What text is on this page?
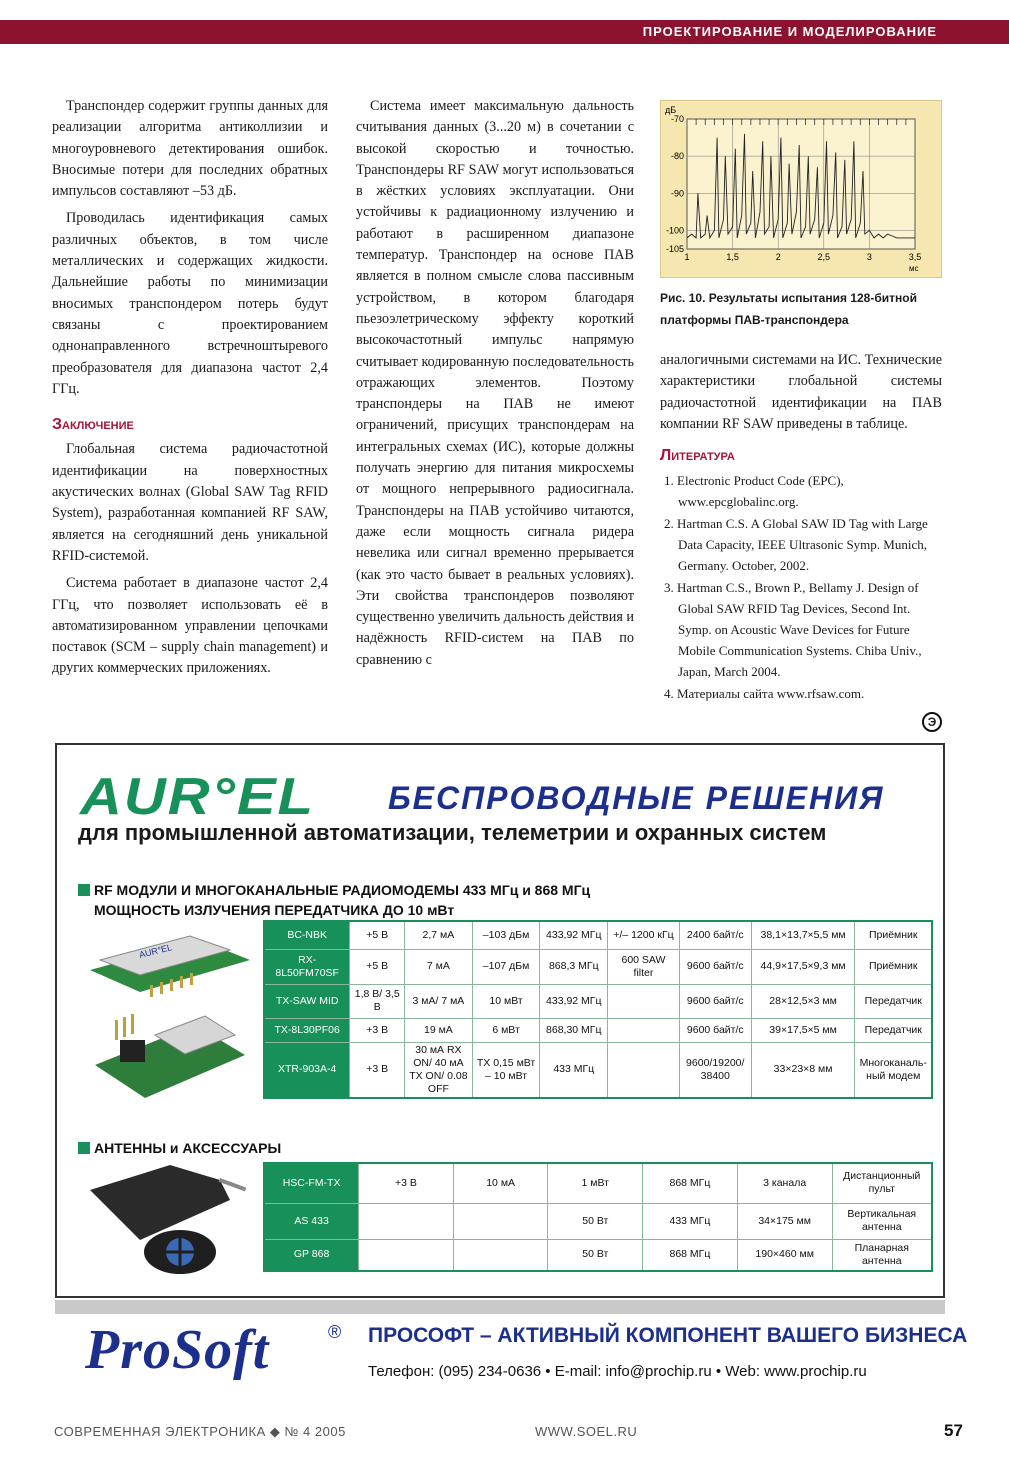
ПРОЕКТИРОВАНИЕ И МОДЕЛИРОВАНИЕ

Транспондер содержит группы данных для реализации алгоритма антиколлизии и многоуровневого детектирования ошибок. Вносимые потери для последних обратных импульсов составляют –53 дБ.

Проводилась идентификация самых различных объектов, в том числе металлических и содержащих жидкости. Дальнейшие работы по минимизации вносимых транспондером потерь будут связаны с проектированием однонаправленного встречноштыревого преобразователя для диапазона частот 2,4 ГГц.

Заключение

Глобальная система радиочастотной идентификации на поверхностных акустических волнах (Global SAW Tag RFID System), разработанная компанией RF SAW, является на сегодняшний день уникальной RFID-системой.

Система работает в диапазоне частот 2,4 ГГц, что позволяет использовать её в автоматизированном управлении цепочками поставок (SCM – supply chain management) и других коммерческих приложениях.

Система имеет максимальную дальность считывания данных (3...20 м) в сочетании с высокой скоростью и точностью. Транспондеры RF SAW могут использоваться в жёстких условиях эксплуатации. Они устойчивы к радиационному излучению и работают в расширенном диапазоне температур. Транспондер на основе ПАВ является в полном смысле слова пассивным устройством, в котором благодаря пьезоэлетрическому эффекту короткий высокочастотный импульс напрямую считывает кодированную последовательность отражающих элементов. Поэтому транспондеры на ПАВ не имеют ограничений, присущих транспондерам на интегральных схемах (ИС), которые должны получать энергию для питания микросхемы от мощного непрерывного радиосигнала. Транспондеры на ПАВ устойчиво читаются, даже если мощность сигнала ридера невелика или сигнал временно прерывается (как это часто бывает в реальных условиях). Эти свойства транспондеров позволяют существенно увеличить дальность действия и надёжность RFID-систем на ПАВ по сравнению с

-70
-80
-90
-100
-105
1	1,5	2	2,5	3	3,5
дБ
мс
Рис. 10. Результаты испытания 128-битной платформы ПАВ-транспондера

аналогичными системами на ИС. Технические характеристики глобальной системы радиочастотной идентификации на ПАВ компании RF SAW приведены в таблице.

Литература
1. Electronic Product Code (EPC), www.epcglobalinc.org.
2. Hartman C.S. A Global SAW ID Tag with Large Data Capacity, IEEE Ultrasonic Symp. Munich, Germany. October, 2002.
3. Hartman C.S., Brown P., Bellamy J. Design of Global SAW RFID Tag Devices, Second Int. Symp. on Acoustic Wave Devices for Future Mobile Communication Systems. Chiba Univ., Japan, March 2004.
4. Материалы сайта www.rfsaw.com.
Э
AUR°EL БЕСПРОВОДНЫЕ РЕШЕНИЯ
для промышленной автоматизации, телеметрии и охранных систем
RF МОДУЛИ И МНОГОКАНАЛЬНЫЕ РАДИОМОДЕМЫ 433 МГц и 868 МГц
МОЩНОСТЬ ИЗЛУЧЕНИЯ ПЕРЕДАТЧИКА ДО 10 мВт
AUR°EL
BC-NBK	+5 В	2,7 мА	–103 дБм	433,92 МГц	+/– 1200 кГц	2400 байт/с	38,1×13,7×5,5 мм	Приёмник
RX-8L50FM70SF	+5 В	7 мА	–107 дБм	868,3 МГц	600 SAW filter	9600 байт/с	44,9×17,5×9,3 мм	Приёмник
TX-SAW MID	1,8 В/ 3,5 В	3 мА/ 7 мА	10 мВт	433,92 МГц		9600 байт/с	28×12,5×3 мм	Передатчик
TX-8L30PF06	+3 В	19 мА	6 мВт	868,30 МГц		9600 байт/с	39×17,5×5 мм	Передатчик
XTR-903A-4	+3 В	30 мА RX ON/ 40 мА TX ON/ 0.08 OFF	TX 0,15 мВт – 10 мВт	433 МГц		9600/19200/ 38400	33×23×8 мм	Многоканаль-ный модем
АНТЕННЫ и АКСЕССУАРЫ
HSC-FM-TX	+3 В	10 мА	1 мВт	868 МГц	3 канала	Дистанционный пульт
AS 433			50 Вт	433 МГц	34×175 мм	Вертикальная антенна
GP 868			50 Вт	868 МГц	190×460 мм	Планарная антенна
ProSoft	® ПРОСОФТ – АКТИВНЫЙ КОМПОНЕНТ ВАШЕГО БИЗНЕСА
Телефон: (095) 234-0636 • E-mail: info@prochip.ru • Web: www.prochip.ru
СОВРЕМЕННАЯ ЭЛЕКТРОНИКА ◆ № 4 2005	WWW.SOEL.RU	57
